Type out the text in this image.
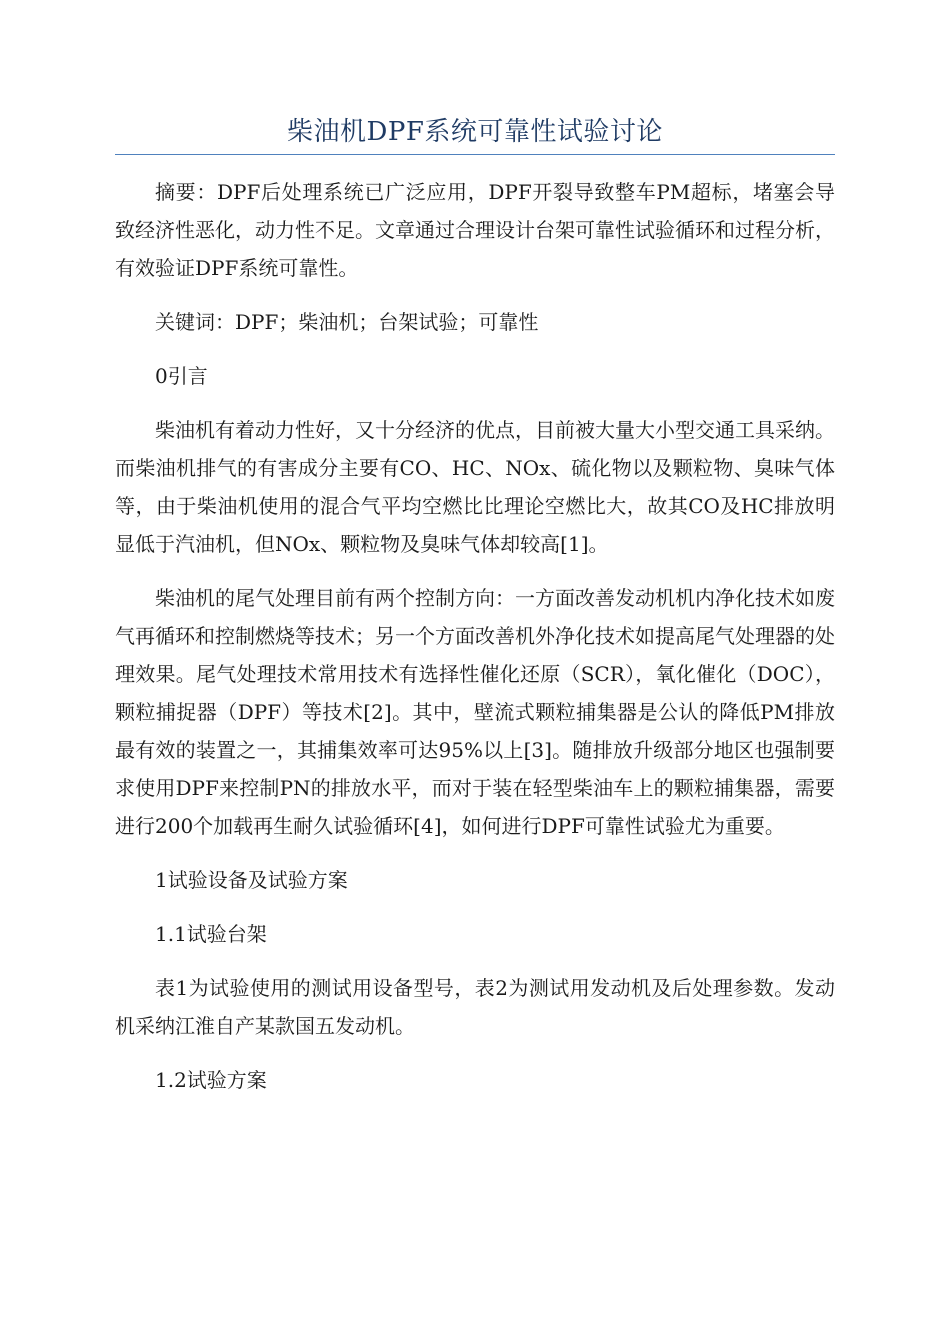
柴油机DPF系统可靠性试验讨论

摘要：DPF后处理系统已广泛应用，DPF开裂导致整车PM超标，堵塞会导致经济性恶化，动力性不足。文章通过合理设计台架可靠性试验循环和过程分析，有效验证DPF系统可靠性。

关键词：DPF；柴油机；台架试验；可靠性

0引言

柴油机有着动力性好，又十分经济的优点，目前被大量大小型交通工具采纳。而柴油机排气的有害成分主要有CO、HC、NOx、硫化物以及颗粒物、臭味气体等，由于柴油机使用的混合气平均空燃比比理论空燃比大，故其CO及HC排放明显低于汽油机，但NOx、颗粒物及臭味气体却较高[1]。

柴油机的尾气处理目前有两个控制方向：一方面改善发动机机内净化技术如废气再循环和控制燃烧等技术；另一个方面改善机外净化技术如提高尾气处理器的处理效果。尾气处理技术常用技术有选择性催化还原（SCR），氧化催化（DOC），颗粒捕捉器（DPF）等技术[2]。其中，壁流式颗粒捕集器是公认的降低PM排放最有效的装置之一，其捕集效率可达95%以上[3]。随排放升级部分地区也强制要求使用DPF来控制PN的排放水平，而对于装在轻型柴油车上的颗粒捕集器，需要进行200个加载再生耐久试验循环[4]，如何进行DPF可靠性试验尤为重要。

1试验设备及试验方案

1.1试验台架

表1为试验使用的测试用设备型号，表2为测试用发动机及后处理参数。发动机采纳江淮自产某款国五发动机。

1.2试验方案
